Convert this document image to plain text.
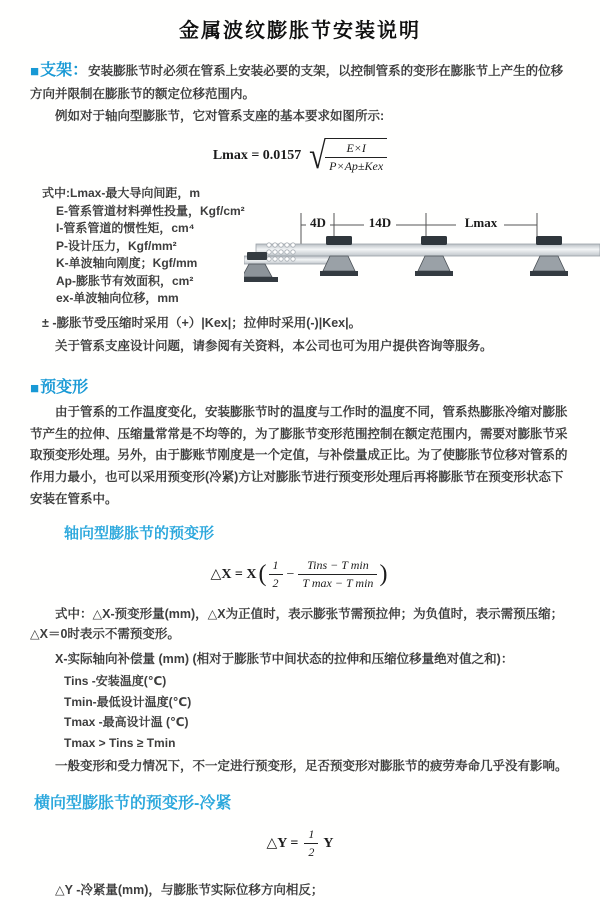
金属波纹膨胀节安装说明
■支架：安装膨胀节时必须在管系上安装必要的支架，以控制管系的变形在膨胀节上产生的位移方向并限制在膨胀节的额定位移范围内。
例如对于轴向型膨胀节，它对管系支座的基本要求如图所示:
Lmax = 0.0157 √ $\frac{E\times I}{\text{P×Ap±Kex}}$
式中:Lmax-最大导向间距，m
E-管系管道材料弹性投量，Kgf/cm²
I-管系管道的惯性矩，cm⁴
P-设计压力，Kgf/mm²
K-单波轴向刚度；Kgf/mm
Ap-膨胀节有效面积，cm²
ex-单波轴向位移，mm
4D	14D	Lmax
± -膨胀节受压缩时采用（+）|Kex|；拉伸时采用(-)|Kex|。
关于管系支座设计问题，请参阅有关资料，本公司也可为用户提供咨询等服务。
■预变形
由于管系的工作温度变化，安装膨胀节时的温度与工作时的温度不同，管系热膨胀冷缩对膨胀节产生的拉伸、压缩量常常是不均等的，为了膨胀节变形范围控制在额定范围内，需要对膨胀节采取预变形处理。另外，由于膨账节刚度是一个定值，与补偿量成正比。为了使膨胀节位移对管系的作用力最小，也可以采用预变形(冷紧)方让对膨胀节进行预变形处理后再将膨胀节在预变形状态下安装在管系中。
轴向型膨胀节的预变形
△X = X ( $\frac{1}{2} - \frac{\text{Tins − T min}}{\text{T max − T min}}$ )
式中：△X-预变形量(mm)，△X为正值时，表示膨张节需预拉伸；为负值时，表示需预压缩；△X＝0时表示不需预变形。
X-实际轴向补偿量 (mm) (相对于膨胀节中间状态的拉伸和压缩位移量绝对值之和)：
Tins -安装温度(℃)
Tmin-最低设计温度(℃)
Tmax -最高设计温 (℃)
Tmax > Tins ≥ Tmin
一般变形和受力情况下，不一定进行预变形，足否预变形对膨胀节的疲劳寿命几乎没有影响。
横向型膨胀节的预变形-冷紧
△Y = $\frac{1}{2}$ Y
△Y -冷紧量(mm)，与膨胀节实际位移方向相反；
